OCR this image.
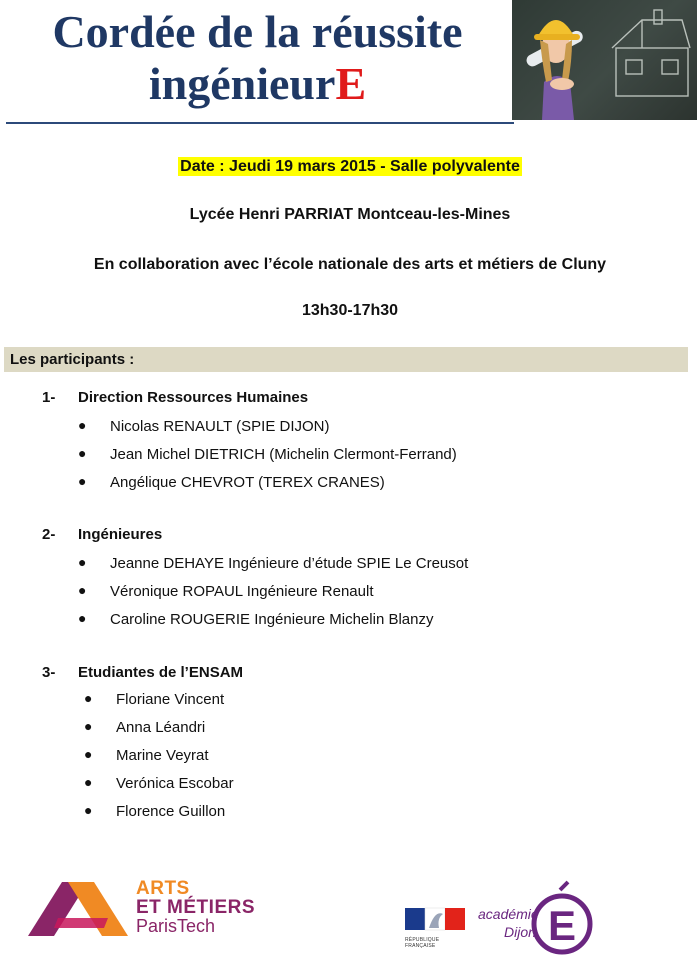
Cordée de la réussite
ingénieurE
Date : Jeudi 19 mars 2015 - Salle polyvalente
Lycée Henri PARRIAT Montceau-les-Mines
En collaboration avec l’école nationale des arts et métiers de Cluny
13h30-17h30
Les participants :
1- Direction Ressources Humaines
● Nicolas RENAULT (SPIE DIJON)
● Jean Michel DIETRICH (Michelin Clermont-Ferrand)
● Angélique CHEVROT (TEREX CRANES)
2- Ingénieures
● Jeanne DEHAYE Ingénieure d’étude SPIE Le Creusot
● Véronique ROPAUL Ingénieure Renault
● Caroline ROUGERIE Ingénieure Michelin Blanzy
3- Etudiantes de l’ENSAM
● Floriane Vincent
● Anna Léandri
● Marine Veyrat
● Verónica Escobar
● Florence Guillon
ARTS
ET MÉTIERS
ParisTech
RÉPUBLIQUE FRANÇAISE	E
académie
Dijon
